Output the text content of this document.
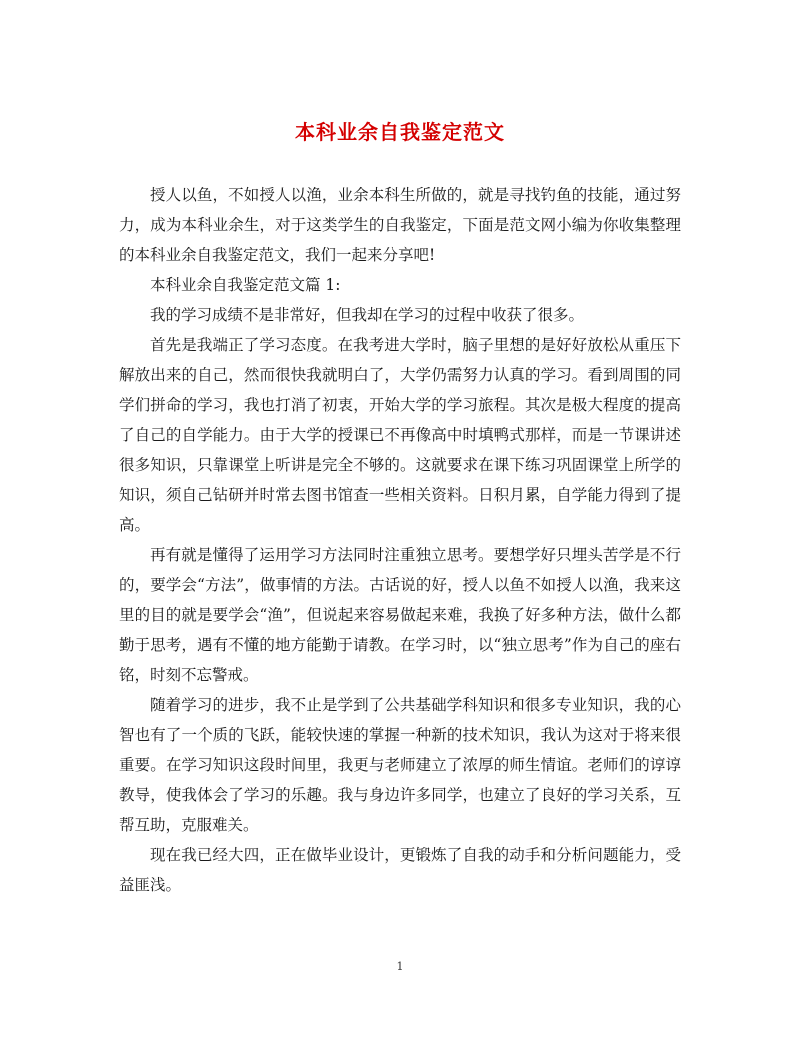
本科业余自我鉴定范文

授人以鱼，不如授人以渔，业余本科生所做的，就是寻找钓鱼的技能，通过努力，成为本科业余生，对于这类学生的自我鉴定，下面是范文网小编为你收集整理的本科业余自我鉴定范文，我们一起来分享吧!

本科业余自我鉴定范文篇 1:

我的学习成绩不是非常好，但我却在学习的过程中收获了很多。

首先是我端正了学习态度。在我考进大学时，脑子里想的是好好放松从重压下解放出来的自己，然而很快我就明白了，大学仍需努力认真的学习。看到周围的同学们拼命的学习，我也打消了初衷，开始大学的学习旅程。其次是极大程度的提高了自己的自学能力。由于大学的授课已不再像高中时填鸭式那样，而是一节课讲述很多知识，只靠课堂上听讲是完全不够的。这就要求在课下练习巩固课堂上所学的知识，须自己钻研并时常去图书馆查一些相关资料。日积月累，自学能力得到了提高。

再有就是懂得了运用学习方法同时注重独立思考。要想学好只埋头苦学是不行的，要学会“方法”，做事情的方法。古话说的好，授人以鱼不如授人以渔，我来这里的目的就是要学会“渔”，但说起来容易做起来难，我换了好多种方法，做什么都勤于思考，遇有不懂的地方能勤于请教。在学习时，以“独立思考”作为自己的座右铭，时刻不忘警戒。

随着学习的进步，我不止是学到了公共基础学科知识和很多专业知识，我的心智也有了一个质的飞跃，能较快速的掌握一种新的技术知识，我认为这对于将来很重要。在学习知识这段时间里，我更与老师建立了浓厚的师生情谊。老师们的谆谆教导，使我体会了学习的乐趣。我与身边许多同学，也建立了良好的学习关系，互帮互助，克服难关。

现在我已经大四，正在做毕业设计，更锻炼了自我的动手和分析问题能力，受益匪浅。

1
